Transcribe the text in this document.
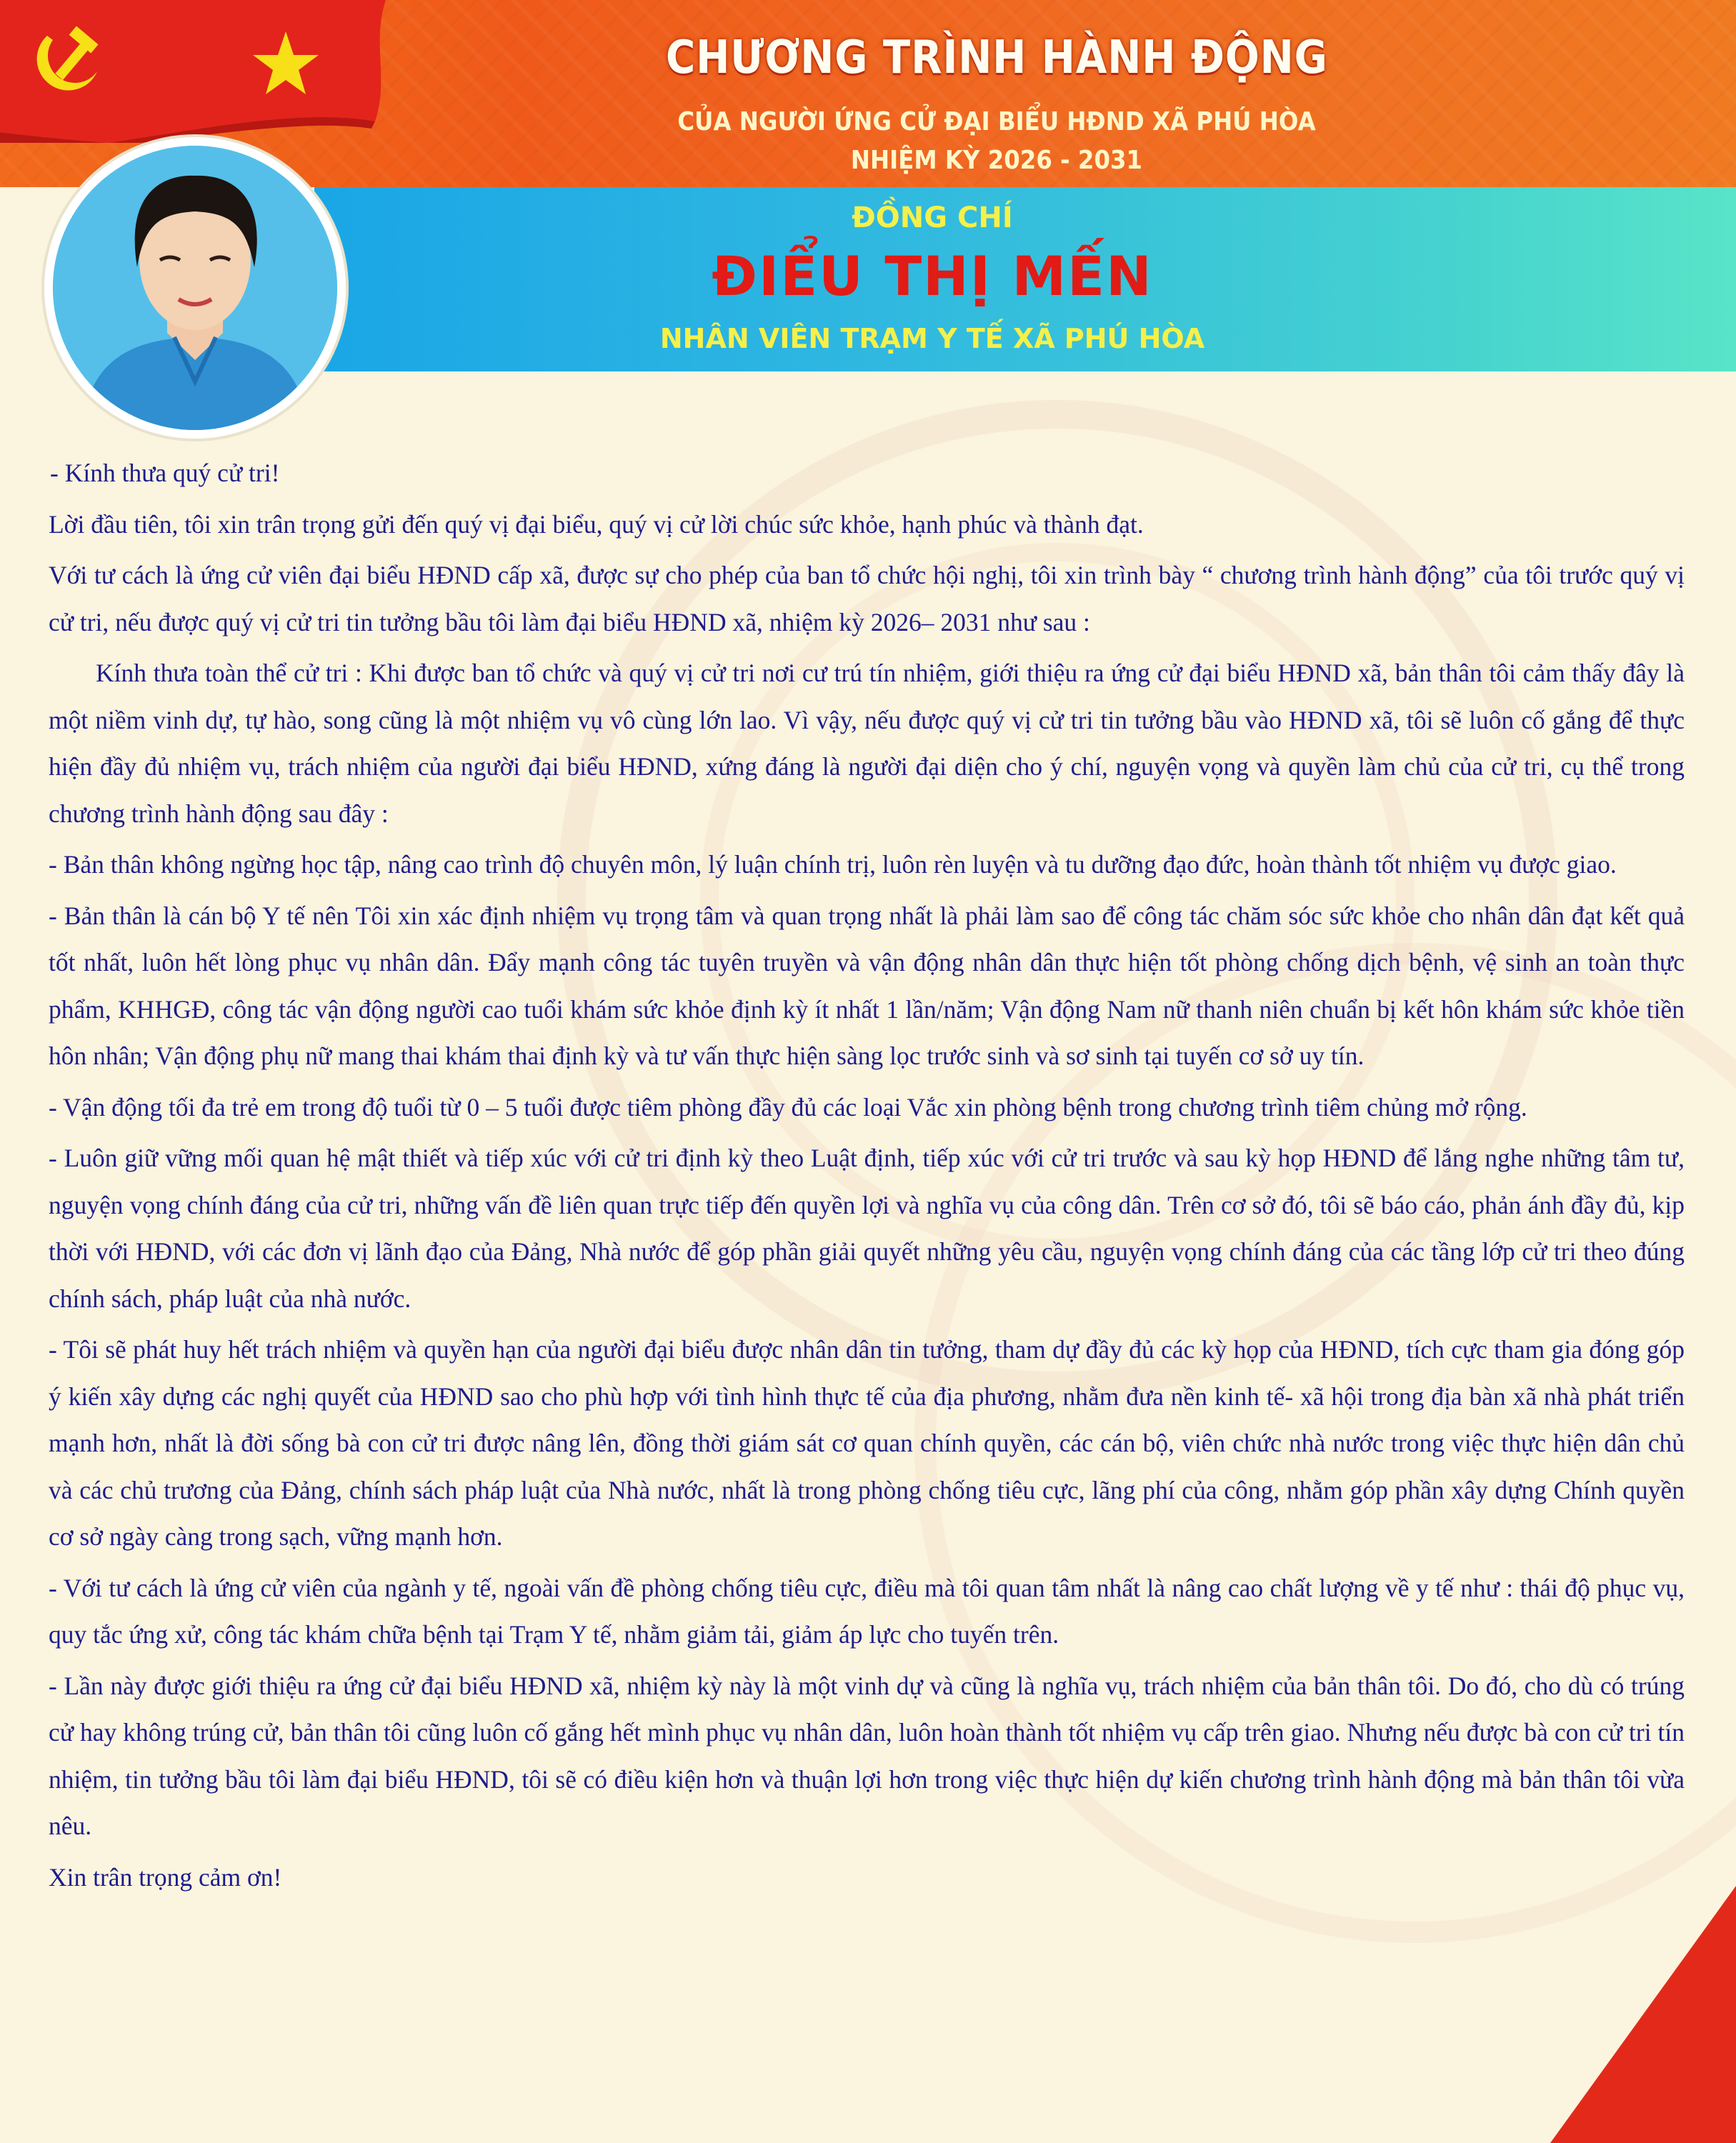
CHƯƠNG TRÌNH HÀNH ĐỘNG
CỦA NGƯỜI ỨNG CỬ ĐẠI BIỂU HĐND XÃ PHÚ HÒA
NHIỆM KỲ 2026 - 2031
ĐỒNG CHÍ
ĐIỂU THỊ MẾN
NHÂN VIÊN TRẠM Y TẾ XÃ PHÚ HÒA

- Kính thưa quý cử tri!

Lời đầu tiên, tôi xin trân trọng gửi đến quý vị đại biểu, quý vị cử lời chúc sức khỏe, hạnh phúc và thành đạt.

Với tư cách là ứng cử viên đại biểu HĐND cấp xã, được sự cho phép của ban tổ chức hội nghị, tôi xin trình bày “ chương trình hành động” của tôi trước quý vị cử tri, nếu được quý vị cử tri tin tưởng bầu tôi làm đại biểu HĐND xã, nhiệm kỳ 2026– 2031 như sau :

Kính thưa toàn thể cử tri : Khi được ban tổ chức và quý vị cử tri nơi cư trú tín nhiệm, giới thiệu ra ứng cử đại biểu HĐND xã, bản thân tôi cảm thấy đây là một niềm vinh dự, tự hào, song cũng là một nhiệm vụ vô cùng lớn lao. Vì vậy, nếu được quý vị cử tri tin tưởng bầu vào HĐND xã, tôi sẽ luôn cố gắng để thực hiện đầy đủ nhiệm vụ, trách nhiệm của người đại biểu HĐND, xứng đáng là người đại diện cho ý chí, nguyện vọng và quyền làm chủ của cử tri, cụ thể trong chương trình hành động sau đây :

- Bản thân không ngừng học tập, nâng cao trình độ chuyên môn, lý luận chính trị, luôn rèn luyện và tu dưỡng đạo đức, hoàn thành tốt nhiệm vụ được giao.

- Bản thân là cán bộ Y tế nên Tôi xin xác định nhiệm vụ trọng tâm và quan trọng nhất là phải làm sao để công tác chăm sóc sức khỏe cho nhân dân đạt kết quả tốt nhất, luôn hết lòng phục vụ nhân dân. Đẩy mạnh công tác tuyên truyền và vận động nhân dân thực hiện tốt phòng chống dịch bệnh, vệ sinh an toàn thực phẩm, KHHGĐ, công tác vận động người cao tuổi khám sức khỏe định kỳ ít nhất 1 lần/năm; Vận động Nam nữ thanh niên chuẩn bị kết hôn khám sức khỏe tiền hôn nhân; Vận động phụ nữ mang thai khám thai định kỳ và tư vấn thực hiện sàng lọc trước sinh và sơ sinh tại tuyến cơ sở uy tín.

- Vận động tối đa trẻ em trong độ tuổi từ 0 – 5 tuổi được tiêm phòng đầy đủ các loại Vắc xin phòng bệnh trong chương trình tiêm chủng mở rộng.

- Luôn giữ vững mối quan hệ mật thiết và tiếp xúc với cử tri định kỳ theo Luật định, tiếp xúc với cử tri trước và sau kỳ họp HĐND để lắng nghe những tâm tư, nguyện vọng chính đáng của cử tri, những vấn đề liên quan trực tiếp đến quyền lợi và nghĩa vụ của công dân. Trên cơ sở đó, tôi sẽ báo cáo, phản ánh đầy đủ, kịp thời với HĐND, với các đơn vị lãnh đạo của Đảng, Nhà nước để góp phần giải quyết những yêu cầu, nguyện vọng chính đáng của các tầng lớp cử tri theo đúng chính sách, pháp luật của nhà nước.

- Tôi sẽ phát huy hết trách nhiệm và quyền hạn của người đại biểu được nhân dân tin tưởng, tham dự đầy đủ các kỳ họp của HĐND, tích cực tham gia đóng góp ý kiến xây dựng các nghị quyết của HĐND sao cho phù hợp với tình hình thực tế của địa phương, nhằm đưa nền kinh tế- xã hội trong địa bàn xã nhà phát triển mạnh hơn, nhất là đời sống bà con cử tri được nâng lên, đồng thời giám sát cơ quan chính quyền, các cán bộ, viên chức nhà nước trong việc thực hiện dân chủ và các chủ trương của Đảng, chính sách pháp luật của Nhà nước, nhất là trong phòng chống tiêu cực, lãng phí của công, nhằm góp phần xây dựng Chính quyền cơ sở ngày càng trong sạch, vững mạnh hơn.

- Với tư cách là ứng cử viên của ngành y tế, ngoài vấn đề phòng chống tiêu cực, điều mà tôi quan tâm nhất là nâng cao chất lượng về y tế như : thái độ phục vụ, quy tắc ứng xử, công tác khám chữa bệnh tại Trạm Y tế, nhằm giảm tải, giảm áp lực cho tuyến trên.

- Lần này được giới thiệu ra ứng cử đại biểu HĐND xã, nhiệm kỳ này là một vinh dự và cũng là nghĩa vụ, trách nhiệm của bản thân tôi. Do đó, cho dù có trúng cử hay không trúng cử, bản thân tôi cũng luôn cố gắng hết mình phục vụ nhân dân, luôn hoàn thành tốt nhiệm vụ cấp trên giao. Nhưng nếu được bà con cử tri tín nhiệm, tin tưởng bầu tôi làm đại biểu HĐND, tôi sẽ có điều kiện hơn và thuận lợi hơn trong việc thực hiện dự kiến chương trình hành động mà bản thân tôi vừa nêu.

Xin trân trọng cảm ơn!
